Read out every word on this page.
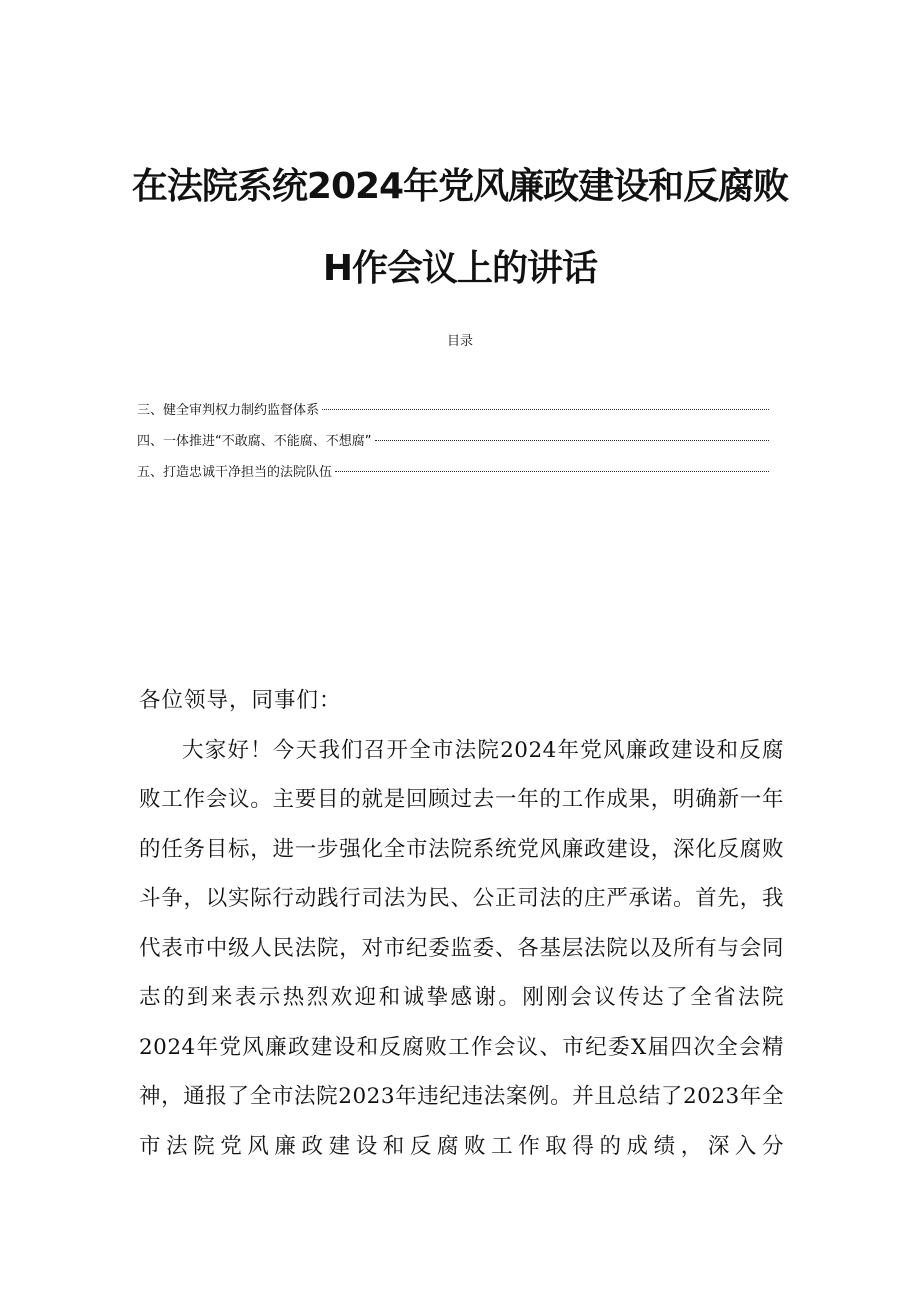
在法院系统2024年党风廉政建设和反腐败
H作会议上的讲话
目录
三、 健全审判权力制约监督体系
四、 一体推进“不敢腐、不能腐、不想腐”
五、 打造忠诚干净担当的法院队伍

各位领导，同事们：

大家好！今天我们召开全市法院2024年党风廉政建设和反腐败工作会议。主要目的就是回顾过去一年的工作成果，明确新一年的任务目标，进一步强化全市法院系统党风廉政建设，深化反腐败斗争，以实际行动践行司法为民、公正司法的庄严承诺。首先，我代表市中级人民法院，对市纪委监委、各基层法院以及所有与会同志的到来表示热烈欢迎和诚挚感谢。刚刚会议传达了全省法院2024年党风廉政建设和反腐败工作会议、市纪委X届四次全会精神，通报了全市法院2023年违纪违法案例。并且总结了2023年全市法院党风廉政建设和反腐败工作取得的成绩，深入分
